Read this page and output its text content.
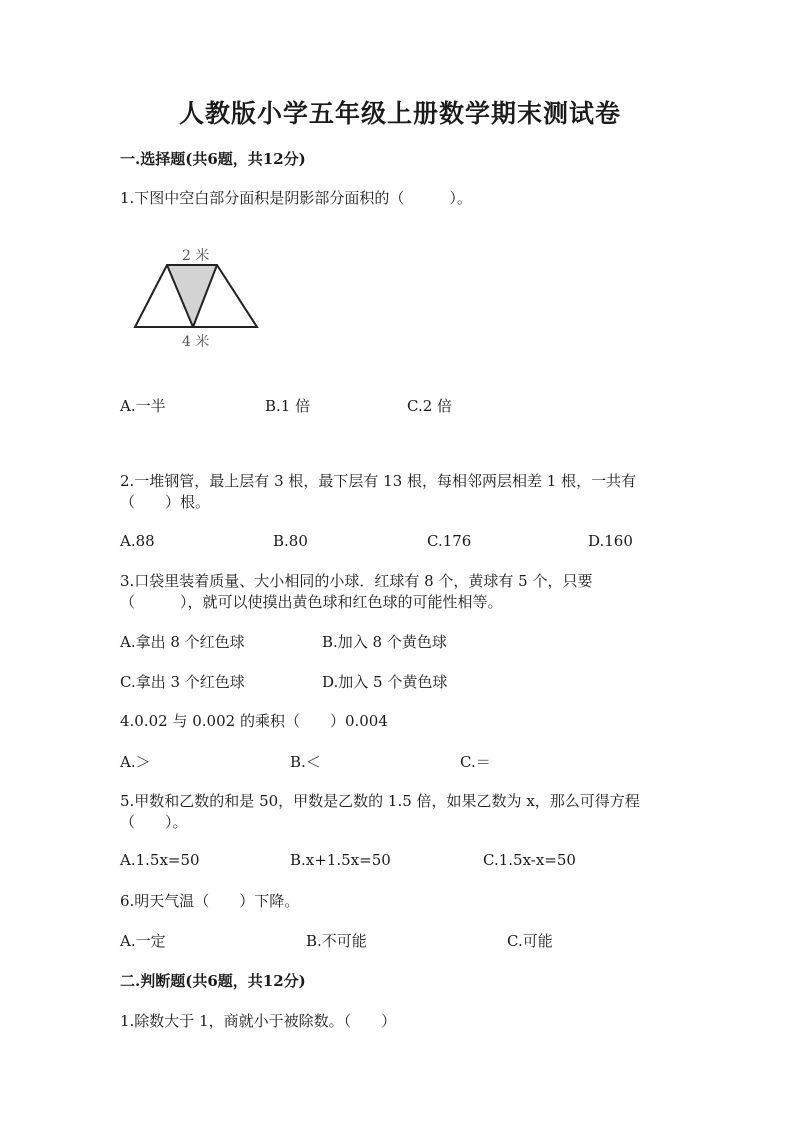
人教版小学五年级上册数学期末测试卷
一.选择题(共6题，共12分)
1.下图中空白部分面积是阴影部分面积的（　　　）。
2 米
4 米
A.一半	B.1 倍	C.2 倍
2.一堆钢管，最上层有 3 根，最下层有 13 根，每相邻两层相差 1 根，一共有
（　　）根。
A.88	B.80	C.176	D.160
3.口袋里装着质量、大小相同的小球．红球有 8 个，黄球有 5 个，只要
（　　　），就可以使摸出黄色球和红色球的可能性相等。
A.拿出 8 个红色球	B.加入 8 个黄色球
C.拿出 3 个红色球	D.加入 5 个黄色球
4.0.02 与 0.002 的乘积（　　）0.004
A.＞	B.＜	C.＝
5.甲数和乙数的和是 50，甲数是乙数的 1.5 倍，如果乙数为 x，那么可得方程
（　　）。
A.1.5x=50	B.x+1.5x=50	C.1.5x-x=50
6.明天气温（　　）下降。
A.一定	B.不可能	C.可能
二.判断题(共6题，共12分)
1.除数大于 1，商就小于被除数。（　　）
